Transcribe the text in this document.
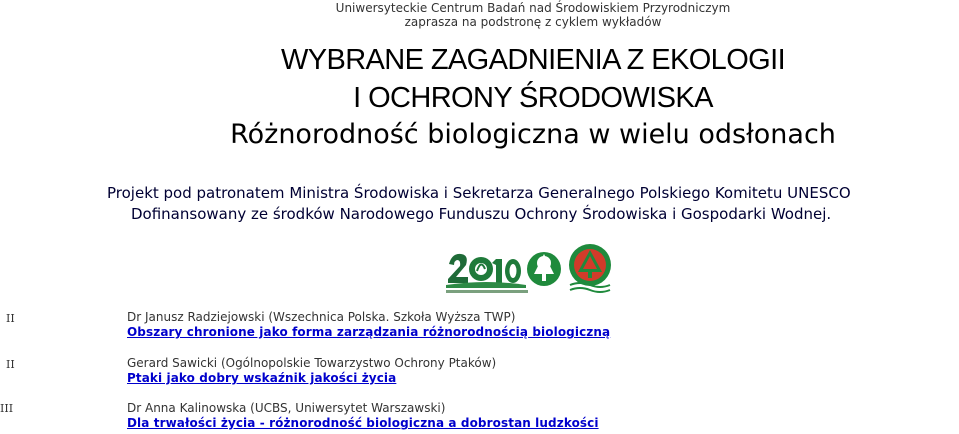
Uniwersyteckie Centrum Badań nad Środowiskiem Przyrodniczym
zaprasza na podstronę z cyklem wykładów
WYBRANE ZAGADNIENIA Z EKOLOGII
I OCHRONY ŚRODOWISKA
Różnorodność biologiczna w wielu odsłonach
Projekt pod patronatem Ministra Środowiska i Sekretarza Generalnego Polskiego Komitetu UNESCO
Dofinansowany ze środków Narodowego Funduszu Ochrony Środowiska i Gospodarki Wodnej.
II	Dr Janusz Radziejowski (Wszechnica Polska. Szkoła Wyższa TWP)
Obszary chronione jako forma zarządzania różnorodnością biologiczną
II	Gerard Sawicki (Ogólnopolskie Towarzystwo Ochrony Ptaków)
Ptaki jako dobry wskaźnik jakości życia
III	Dr Anna Kalinowska (UCBS, Uniwersytet Warszawski)
Dla trwałości życia - różnorodność biologiczna a dobrostan ludzkości
